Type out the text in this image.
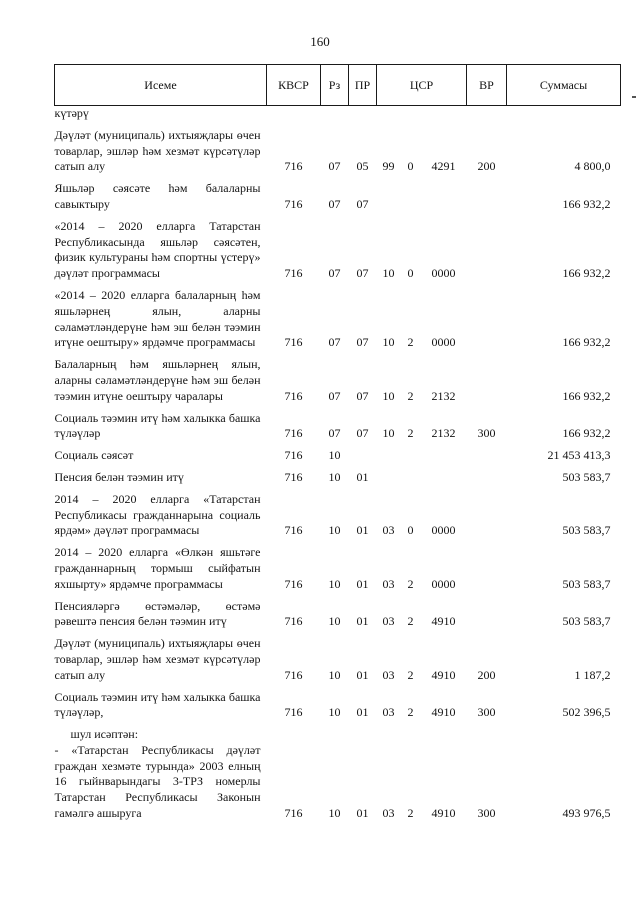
160
Исеме	КВСР	Рз	ПР	ЦСР			ВР	Суммасы
күтәрү								
Дәүләт (муниципаль) ихтыяҗлары өчен товарлар, эшләр һәм хезмәт күрсәтүләр сатып алу	716	07	05	99	0	4291	200	4 800,0
Яшьләр сәясәте һәм балаларны савыктыру	716	07	07					166 932,2
«2014 – 2020 елларга Татарстан Республикасында яшьләр сәясәтен, физик культураны һәм спортны үстерү» дәүләт программасы	716	07	07	10	0	0000		166 932,2
«2014 – 2020 елларга балаларның һәм яшьләрнең ялын, аларны сәламәтләндерүне һәм эш белән тәэмин итүне оештыру» ярдәмче программасы	716	07	07	10	2	0000		166 932,2
Балаларның һәм яшьләрнең ялын, аларны сәламәтләндерүне һәм эш белән тәэмин итүне оештыру чаралары	716	07	07	10	2	2132		166 932,2
Социаль тәэмин итү һәм халыкка башка түләүләр	716	07	07	10	2	2132	300	166 932,2
Социаль сәясәт	716	10						21 453 413,3
Пенсия белән тәэмин итү	716	10	01					503 583,7
2014 – 2020 елларга «Татарстан Республикасы гражданнарына социаль ярдәм» дәүләт программасы	716	10	01	03	0	0000		503 583,7
2014 – 2020 елларга «Өлкән яшьтәге гражданнарның тормыш сыйфатын яхшырту» ярдәмче программасы	716	10	01	03	2	0000		503 583,7
Пенсияләргә өстәмәләр, өстәмә рәвештә пенсия белән тәэмин итү	716	10	01	03	2	4910		503 583,7
Дәүләт (муниципаль) ихтыяҗлары өчен товарлар, эшләр һәм хезмәт күрсәтүләр сатып алу	716	10	01	03	2	4910	200	1 187,2
Социаль тәэмин итү һәм халыкка башка түләүләр,	716	10	01	03	2	4910	300	502 396,5
шул исәптән:								
- «Татарстан Республикасы дәүләт граждан хезмәте турында» 2003 елның 16 гыйнварындагы 3-ТРЗ номерлы Татарстан Республикасы Законын гамәлгә ашыруга	716	10	01	03	2	4910	300	493 976,5
